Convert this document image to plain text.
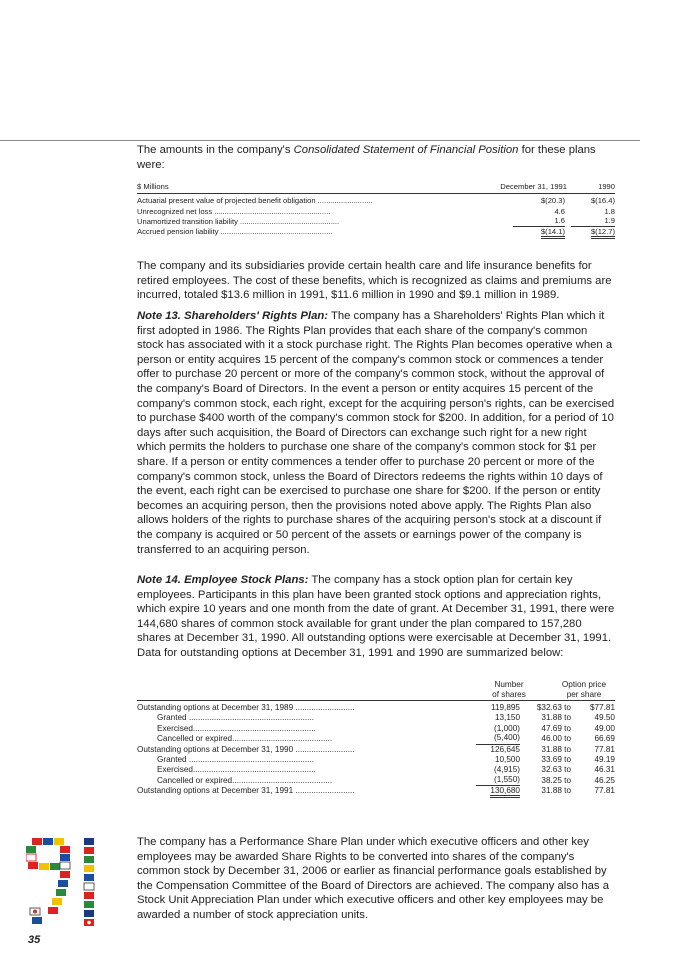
The amounts in the company's Consolidated Statement of Financial Position for these plans were:

$ Millions	December 31, 1991	1990
Actuarial present value of projected benefit obligation ..........................	$(20.3)	$(16.4)
Unrecognized net loss .......................................................	4.6	1.8
Unamortized transition liability ...............................................	1.6	1.9
Accrued pension liability .....................................................	$(14.1)	$(12.7)

The company and its subsidiaries provide certain health care and life insurance benefits for retired employees. The cost of these benefits, which is recognized as claims and premiums are incurred, totaled $13.6 million in 1991, $11.6 million in 1990 and $9.1 million in 1989.

Note 13. Shareholders' Rights Plan: The company has a Shareholders' Rights Plan which it first adopted in 1986. The Rights Plan provides that each share of the company's common stock has associated with it a stock purchase right. The Rights Plan becomes operative when a person or entity acquires 15 percent of the company's common stock or commences a tender offer to purchase 20 percent or more of the company's common stock, without the approval of the company's Board of Directors. In the event a person or entity acquires 15 percent of the company's common stock, each right, except for the acquiring person's rights, can be exercised to purchase $400 worth of the company's common stock for $200. In addition, for a period of 10 days after such acquisition, the Board of Directors can exchange such right for a new right which permits the holders to purchase one share of the company's common stock for $1 per share. If a person or entity commences a tender offer to purchase 20 percent or more of the company's common stock, unless the Board of Directors redeems the rights within 10 days of the event, each right can be exercised to purchase one share for $200. If the person or entity becomes an acquiring person, then the provisions noted above apply. The Rights Plan also allows holders of the rights to purchase shares of the acquiring person's stock at a discount if the company is acquired or 50 percent of the assets or earnings power of the company is transferred to an acquiring person.

Note 14. Employee Stock Plans: The company has a stock option plan for certain key employees. Participants in this plan have been granted stock options and appreciation rights, which expire 10 years and one month from the date of grant. At December 31, 1991, there were 144,680 shares of common stock available for grant under the plan compared to 157,280 shares at December 31, 1990. All outstanding options were exercisable at December 31, 1991. Data for outstanding options at December 31, 1991 and 1990 are summarized below:

Number
of shares
Option price
per share
Outstanding options at December 31, 1989 ..........................	119,895	$32.63 to	$77.81
Granted .......................................................	13,150	31.88 to	49.50
Exercised......................................................	(1,000)	47.69 to	49.00
Cancelled or expired............................................	(5,400)	46.00 to	66.69
Outstanding options at December 31, 1990 ..........................	126,645	31.88 to	77.81
Granted .......................................................	10,500	33.69 to	49.19
Exercised......................................................	(4,915)	32.63 to	46.31
Cancelled or expired............................................	(1,550)	38.25 to	46.25
Outstanding options at December 31, 1991 ..........................	130,680	31.88 to	77.81

The company has a Performance Share Plan under which executive officers and other key employees may be awarded Share Rights to be converted into shares of the company's common stock by December 31, 2006 or earlier as financial performance goals established by the Compensation Committee of the Board of Directors are achieved. The company also has a Stock Unit Appreciation Plan under which executive officers and other key employees may be awarded a number of stock appreciation units.

35
